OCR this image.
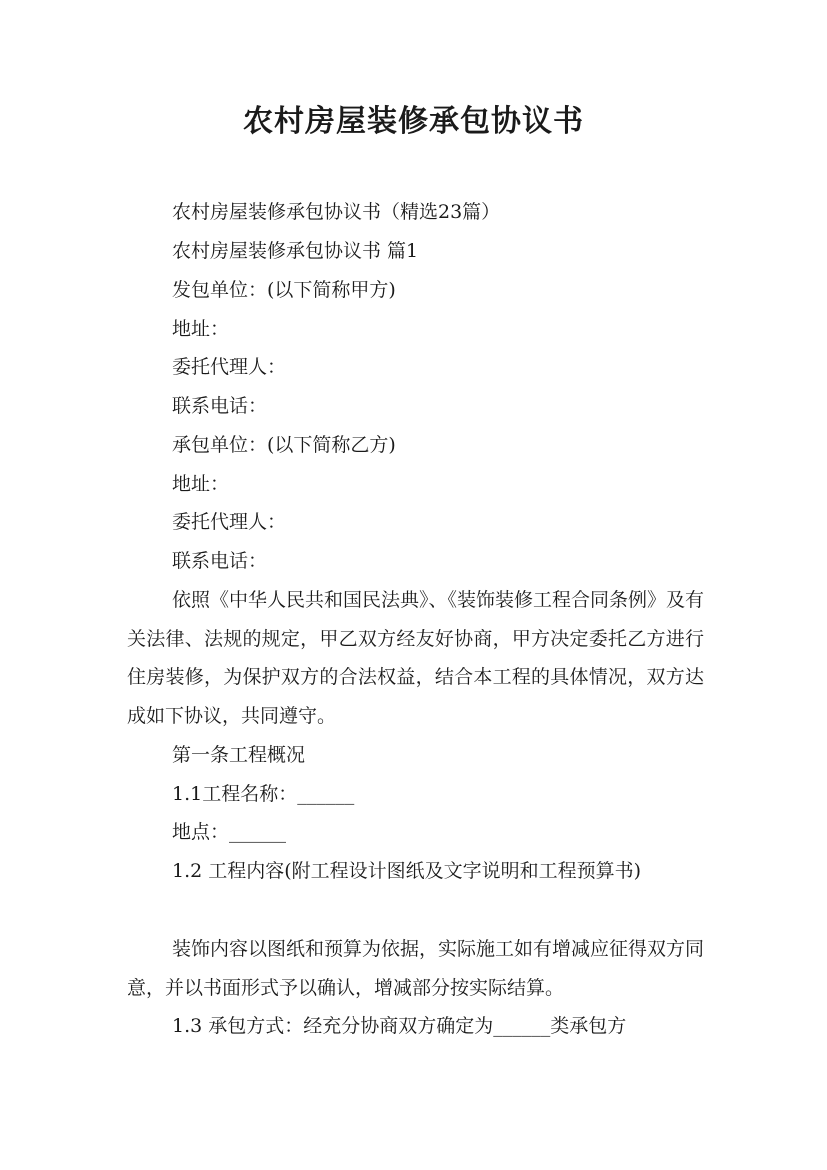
农村房屋装修承包协议书
农村房屋装修承包协议书（精选23篇）
农村房屋装修承包协议书 篇1
发包单位：(以下简称甲方)
地址：
委托代理人：
联系电话：
承包单位：(以下简称乙方)
地址：
委托代理人：
联系电话：
依照《中华人民共和国民法典》、《装饰装修工程合同条例》及有关法律、法规的规定，甲乙双方经友好协商，甲方决定委托乙方进行住房装修，为保护双方的合法权益，结合本工程的具体情况，双方达成如下协议，共同遵守。
第一条工程概况
1.1工程名称：______
地点：______
1.2 工程内容(附工程设计图纸及文字说明和工程预算书)
装饰内容以图纸和预算为依据，实际施工如有增减应征得双方同意，并以书面形式予以确认，增减部分按实际结算。
1.3 承包方式：经充分协商双方确定为______类承包方
